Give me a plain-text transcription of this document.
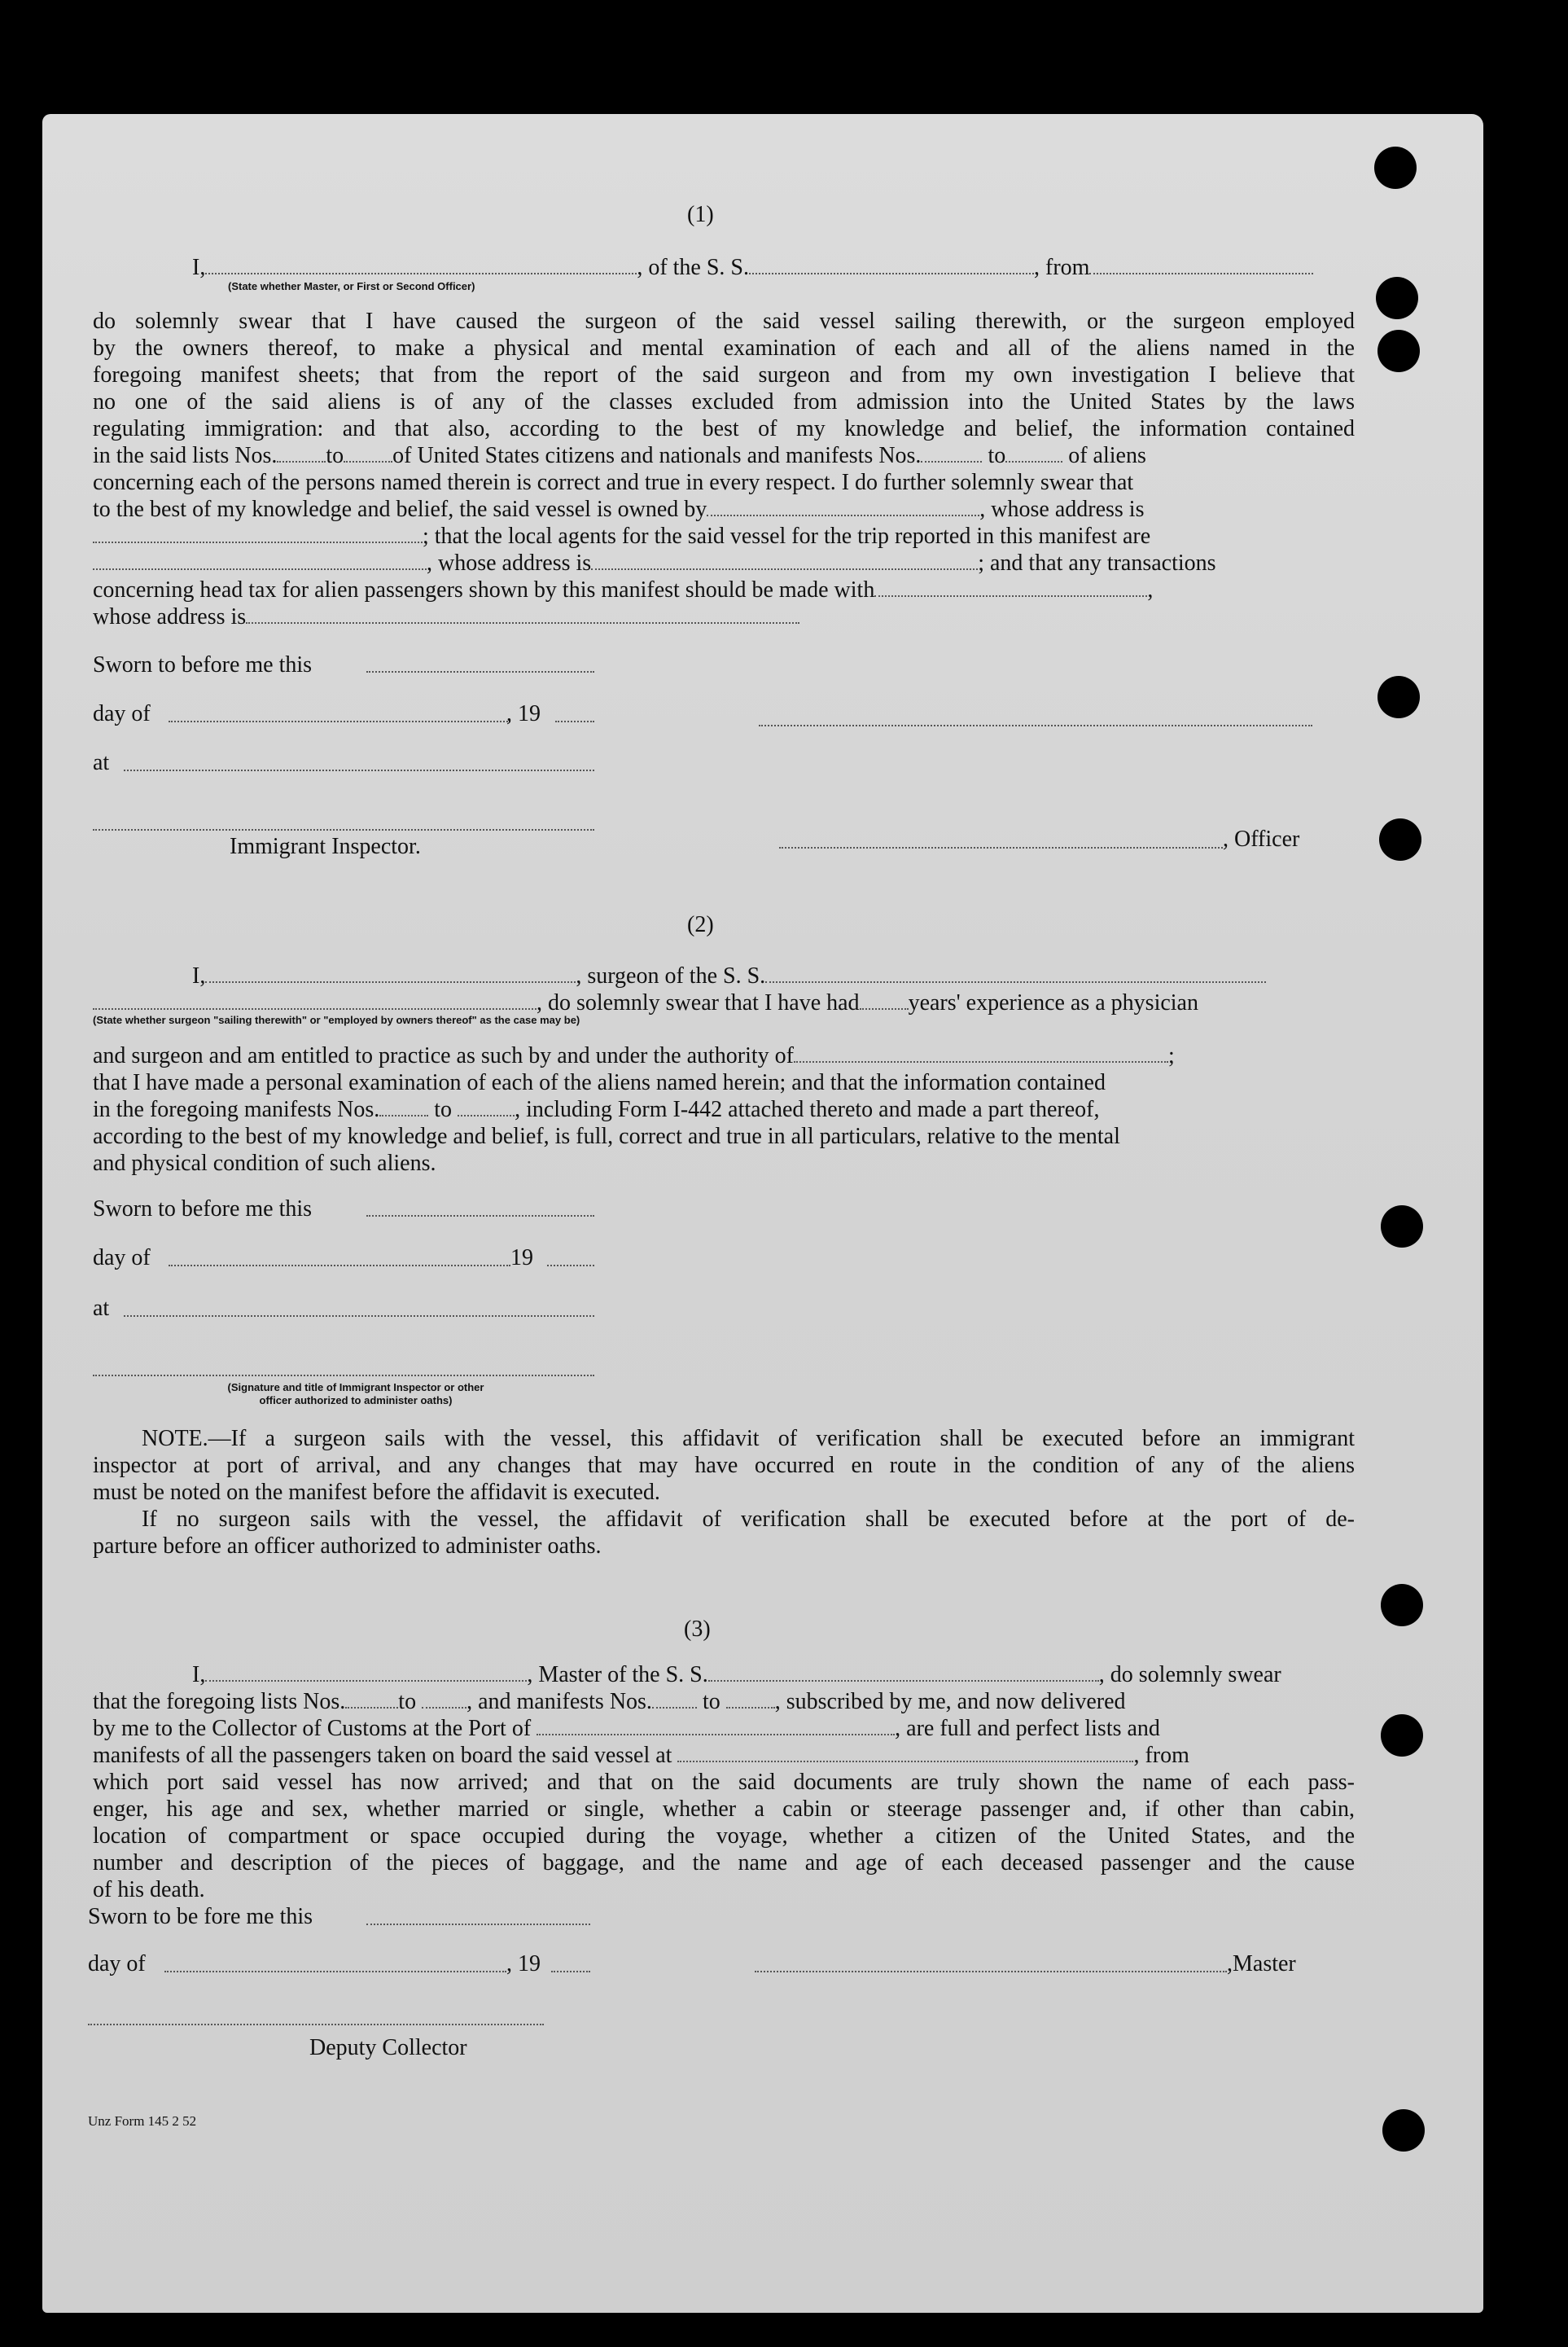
(1)
I,	, of the S. S.	, from
(State whether Master, or First or Second Officer)
do solemnly swear that I have caused the surgeon of the said vessel sailing therewith, or the surgeon employed
by the owners thereof, to make a physical and mental examination of each and all of the aliens named in the
foregoing manifest sheets; that from the report of the said surgeon and from my own investigation I believe that
no one of the said aliens is of any of the classes excluded from admission into the United States by the laws
regulating immigration: and that also, according to the best of my knowledge and belief, the information contained
in the said lists Nos. to of United States citizens and nationals and manifests Nos.	to	of aliens
concerning each of the persons named therein is correct and true in every respect. I do further solemnly swear that
to the best of my knowledge and belief, the said vessel is owned by	, whose address is
; that the local agents for the said vessel for the trip reported in this manifest are
, whose address is	; and that any transactions
concerning head tax for alien passengers shown by this manifest should be made with	,
whose address is
Sworn to before me this
day of	, 19
at
Immigrant Inspector.	, Officer
(2)
I,	, surgeon of the S. S.
, do solemnly swear that I have had years' experience as a physician
(State whether surgeon "sailing therewith" or "employed by owners thereof" as the case may be)
and surgeon and am entitled to practice as such by and under the authority of	;
that I have made a personal examination of each of the aliens named herein; and that the information contained
in the foregoing manifests Nos. to	, including Form I-442 attached thereto and made a part thereof,
according to the best of my knowledge and belief, is full, correct and true in all particulars, relative to the mental
and physical condition of such aliens.
Sworn to before me this
day of	19
at
(Signature and title of Immigrant Inspector or other
officer authorized to administer oaths)
NOTE.—If a surgeon sails with the vessel, this affidavit of verification shall be executed before an immigrant
inspector at port of arrival, and any changes that may have occurred en route in the condition of any of the aliens
must be noted on the manifest before the affidavit is executed.
If no surgeon sails with the vessel, the affidavit of verification shall be executed before at the port of de-
parture before an officer authorized to administer oaths.
(3)
I,	, Master of the S. S.	, do solemnly swear
that the foregoing lists Nos. to , and manifests Nos. to , subscribed by me, and now delivered
by me to the Collector of Customs at the Port of	, are full and perfect lists and
manifests of all the passengers taken on board the said vessel at	, from
which port said vessel has now arrived; and that on the said documents are truly shown the name of each pass-
enger, his age and sex, whether married or single, whether a cabin or steerage passenger and, if other than cabin,
location of compartment or space occupied during the voyage, whether a citizen of the United States, and the
number and description of the pieces of baggage, and the name and age of each deceased passenger and the cause
of his death.
Sworn to be fore me this
day of	, 19	,Master
Deputy Collector
Unz Form 145 2 52
